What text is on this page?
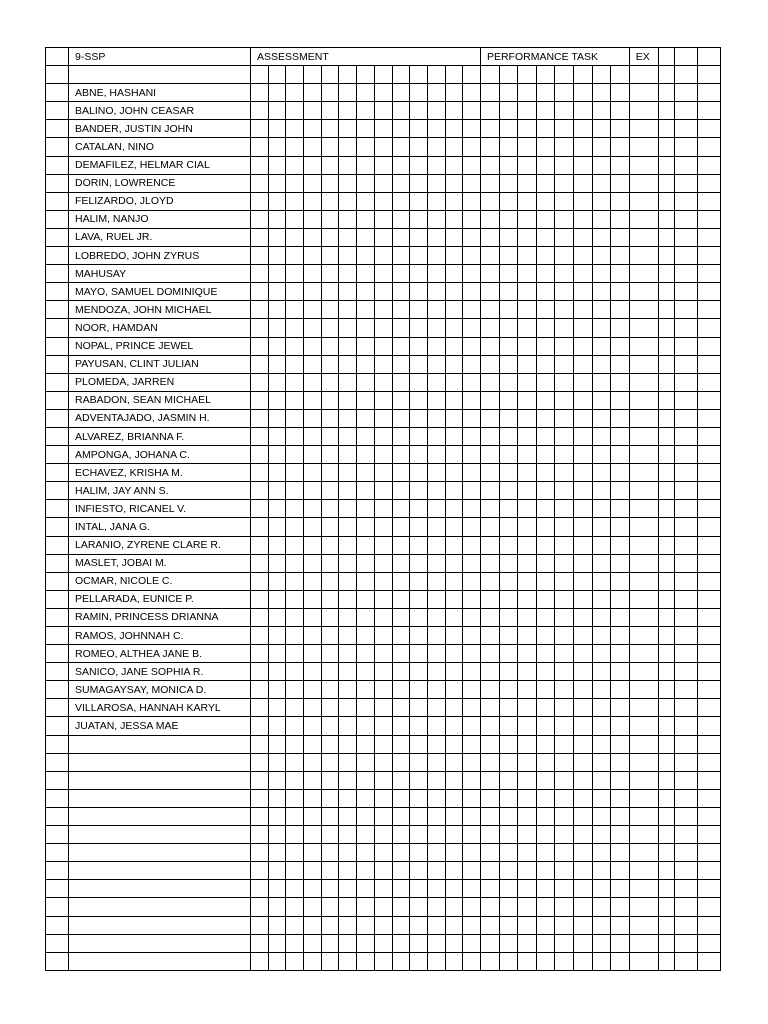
	9-SSP	ASSESSMENT													PERFORMANCE TASK								EX			

	ABNE, HASHANI																									
	BALINO, JOHN CEASAR																									
	BANDER, JUSTIN JOHN																									
	CATALAN, NINO																									
	DEMAFILEZ, HELMAR CIAL																									
	DORIN, LOWRENCE																									
	FELIZARDO, JLOYD																									
	HALIM, NANJO																									
	LAVA, RUEL JR.																									
	LOBREDO, JOHN ZYRUS																									
	MAHUSAY																									
	MAYO, SAMUEL DOMINIQUE																									
	MENDOZA, JOHN MICHAEL																									
	NOOR, HAMDAN																									
	NOPAL, PRINCE JEWEL																									
	PAYUSAN, CLINT JULIAN																									
	PLOMEDA, JARREN																									
	RABADON, SEAN MICHAEL																									
	ADVENTAJADO, JASMIN H.																									
	ALVAREZ, BRIANNA F.																									
	AMPONGA, JOHANA C.																									
	ECHAVEZ, KRISHA M.																									
	HALIM, JAY ANN S.																									
	INFIESTO, RICANEL V.																									
	INTAL, JANA G.																									
	LARANIO, ZYRENE CLARE R.																									
	MASLET, JOBAI M.																									
	OCMAR, NICOLE C.																									
	PELLARADA, EUNICE P.																									
	RAMIN, PRINCESS DRIANNA																									
	RAMOS, JOHNNAH C.																									
	ROMEO, ALTHEA JANE B.																									
	SANICO, JANE SOPHIA R.																									
	SUMAGAYSAY, MONICA D.																									
	VILLAROSA, HANNAH KARYL																									
	JUATAN, JESSA MAE																									
